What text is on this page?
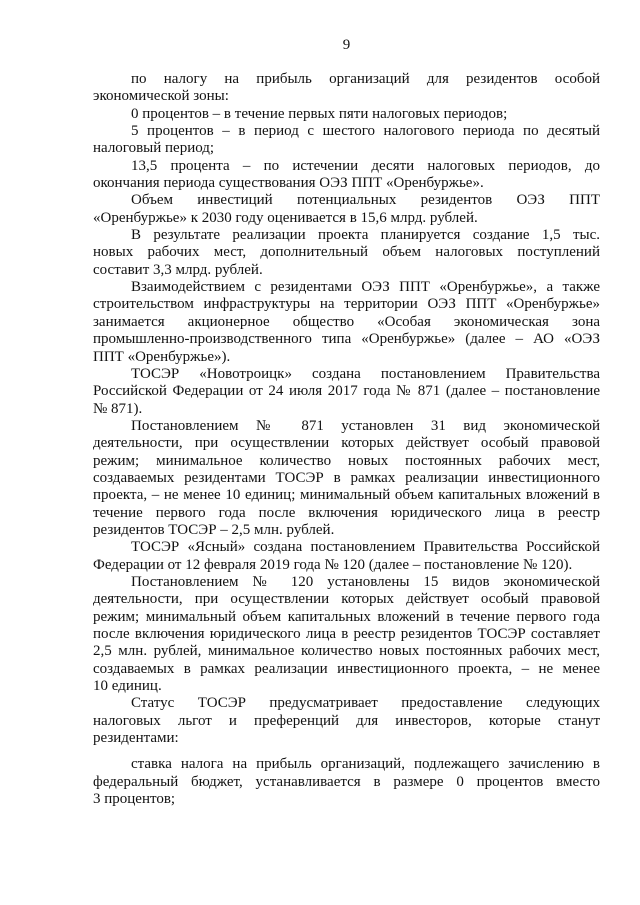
9
по налогу на прибыль организаций для резидентов особой
экономической зоны:
0 процентов – в течение первых пяти налоговых периодов;
5 процентов – в период с шестого налогового периода по десятый
налоговый период;
13,5 процента – по истечении десяти налоговых периодов, до
окончания периода существования ОЭЗ ППТ «Оренбуржье».
Объем инвестиций потенциальных резидентов ОЭЗ ППТ
«Оренбуржье» к 2030 году оценивается в 15,6 млрд. рублей.
В результате реализации проекта планируется создание 1,5 тыс.
новых рабочих мест, дополнительный объем налоговых поступлений
составит 3,3 млрд. рублей.
Взаимодействием с резидентами ОЭЗ ППТ «Оренбуржье», а также
строительством инфраструктуры на территории ОЭЗ ППТ «Оренбуржье»
занимается акционерное общество «Особая экономическая зона
промышленно-производственного типа «Оренбуржье» (далее – АО «ОЭЗ
ППТ «Оренбуржье»).
ТОСЭР «Новотроицк» создана постановлением Правительства
Российской Федерации от 24 июля 2017 года № 871 (далее – постановление
№ 871).
Постановлением № 871 установлен 31 вид экономической
деятельности, при осуществлении которых действует особый правовой
режим; минимальное количество новых постоянных рабочих мест,
создаваемых резидентами ТОСЭР в рамках реализации инвестиционного
проекта, – не менее 10 единиц; минимальный объем капитальных вложений в
течение первого года после включения юридического лица в реестр
резидентов ТОСЭР – 2,5 млн. рублей.
ТОСЭР «Ясный» создана постановлением Правительства Российской
Федерации от 12 февраля 2019 года № 120 (далее – постановление № 120).
Постановлением № 120 установлены 15 видов экономической
деятельности, при осуществлении которых действует особый правовой
режим; минимальный объем капитальных вложений в течение первого года
после включения юридического лица в реестр резидентов ТОСЭР составляет
2,5 млн. рублей, минимальное количество новых постоянных рабочих мест,
создаваемых в рамках реализации инвестиционного проекта, – не менее
10 единиц.
Статус ТОСЭР предусматривает предоставление следующих
налоговых льгот и преференций для инвесторов, которые станут
резидентами:
ставка налога на прибыль организаций, подлежащего зачислению в
федеральный бюджет, устанавливается в размере 0 процентов вместо
3 процентов;
